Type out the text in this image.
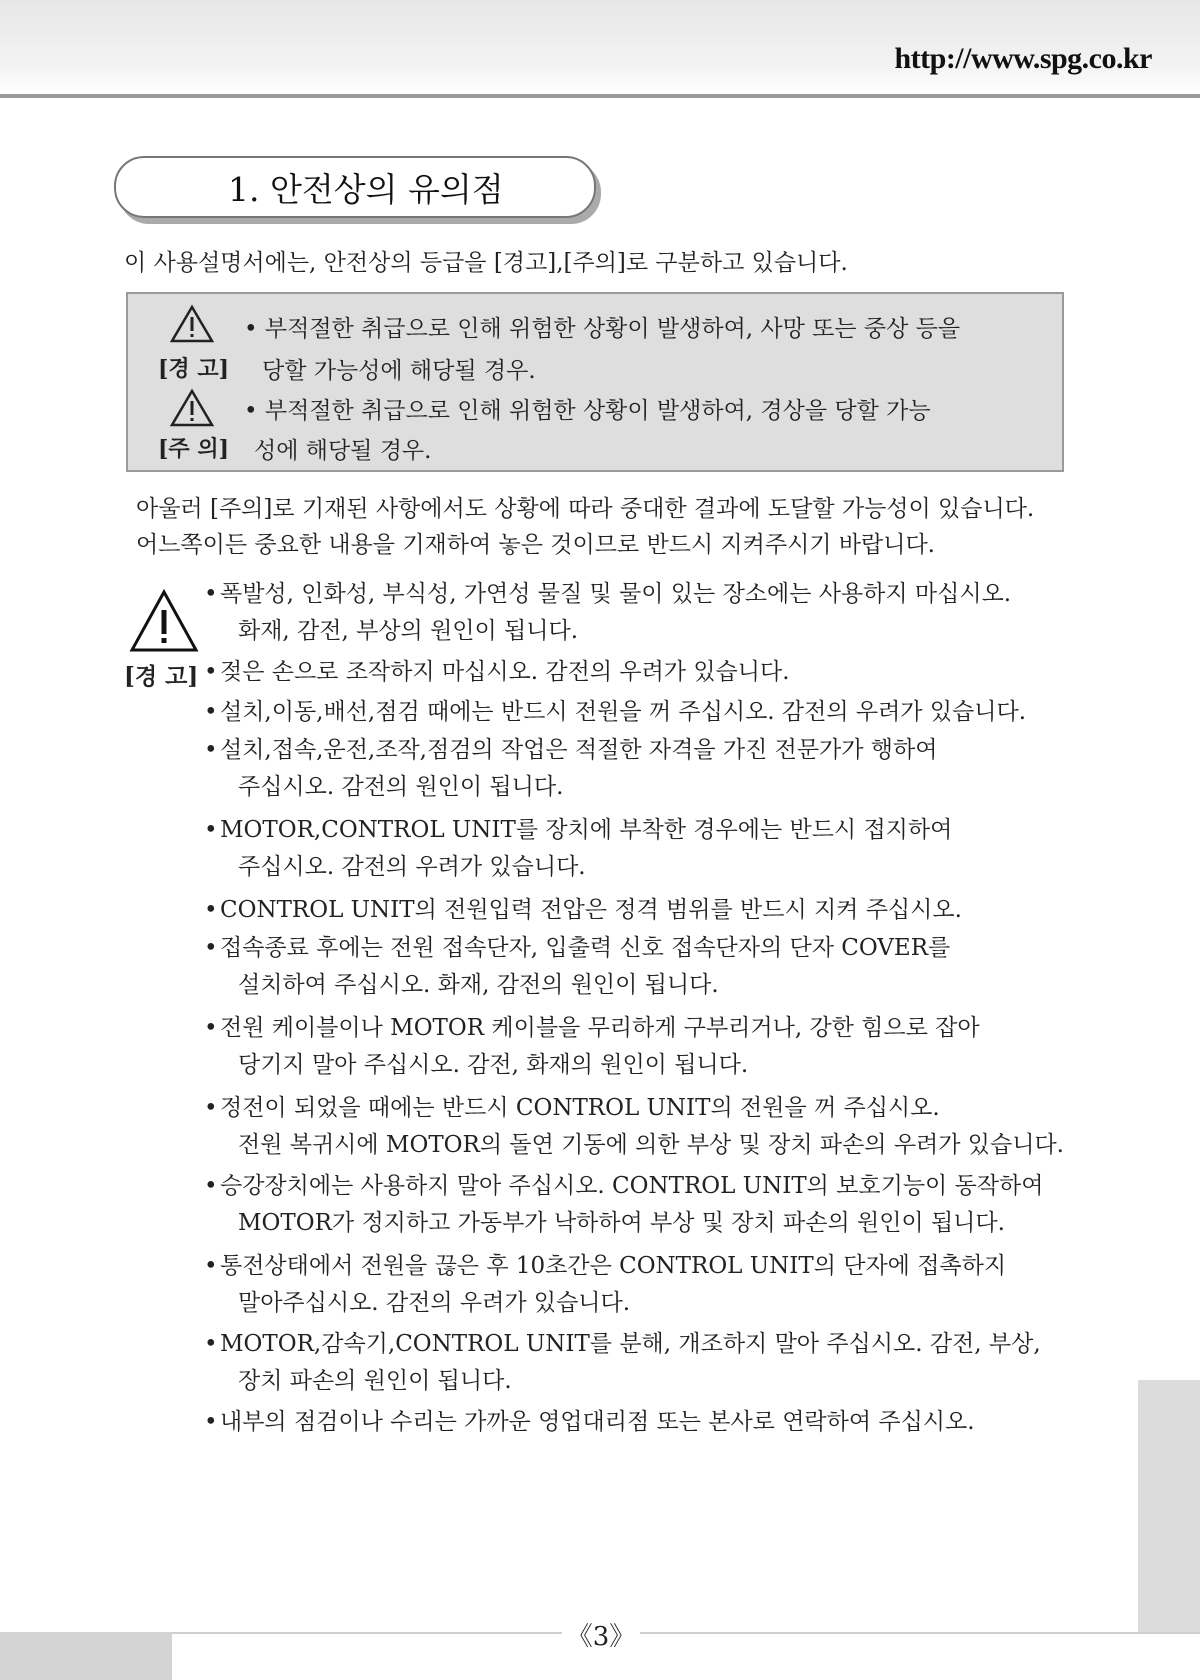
http://www.spg.co.kr
1. 안전상의 유의점
이 사용설명서에는, 안전상의 등급을 [경고],[주의]로 구분하고 있습니다.
[경 고]
• 부적절한 취급으로 인해 위험한 상황이 발생하여, 사망 또는 중상 등을
당할 가능성에 해당될 경우.
[주 의]
• 부적절한 취급으로 인해 위험한 상황이 발생하여, 경상을 당할 가능
성에 해당될 경우.
아울러 [주의]로 기재된 사항에서도 상황에 따라 중대한 결과에 도달할 가능성이 있습니다.
어느쪽이든 중요한 내용을 기재하여 놓은 것이므로 반드시 지켜주시기 바랍니다.
[경 고]
• 폭발성, 인화성, 부식성, 가연성 물질 및 물이 있는 장소에는 사용하지 마십시오.
화재, 감전, 부상의 원인이 됩니다.
• 젖은 손으로 조작하지 마십시오. 감전의 우려가 있습니다.
• 설치,이동,배선,점검 때에는 반드시 전원을 꺼 주십시오. 감전의 우려가 있습니다.
• 설치,접속,운전,조작,점검의 작업은 적절한 자격을 가진 전문가가 행하여
주십시오. 감전의 원인이 됩니다.
• MOTOR,CONTROL UNIT를 장치에 부착한 경우에는 반드시 접지하여
주십시오. 감전의 우려가 있습니다.
• CONTROL UNIT의 전원입력 전압은 정격 범위를 반드시 지켜 주십시오.
• 접속종료 후에는 전원 접속단자, 입출력 신호 접속단자의 단자 COVER를
설치하여 주십시오. 화재, 감전의 원인이 됩니다.
• 전원 케이블이나 MOTOR 케이블을 무리하게 구부리거나, 강한 힘으로 잡아
당기지 말아 주십시오. 감전, 화재의 원인이 됩니다.
• 정전이 되었을 때에는 반드시 CONTROL UNIT의 전원을 꺼 주십시오.
전원 복귀시에 MOTOR의 돌연 기동에 의한 부상 및 장치 파손의 우려가 있습니다.
• 승강장치에는 사용하지 말아 주십시오. CONTROL UNIT의 보호기능이 동작하여
MOTOR가 정지하고 가동부가 낙하하여 부상 및 장치 파손의 원인이 됩니다.
• 통전상태에서 전원을 끊은 후 10초간은 CONTROL UNIT의 단자에 접촉하지
말아주십시오. 감전의 우려가 있습니다.
• MOTOR,감속기,CONTROL UNIT를 분해, 개조하지 말아 주십시오. 감전, 부상,
장치 파손의 원인이 됩니다.
• 내부의 점검이나 수리는 가까운 영업대리점 또는 본사로 연락하여 주십시오.
《3》
